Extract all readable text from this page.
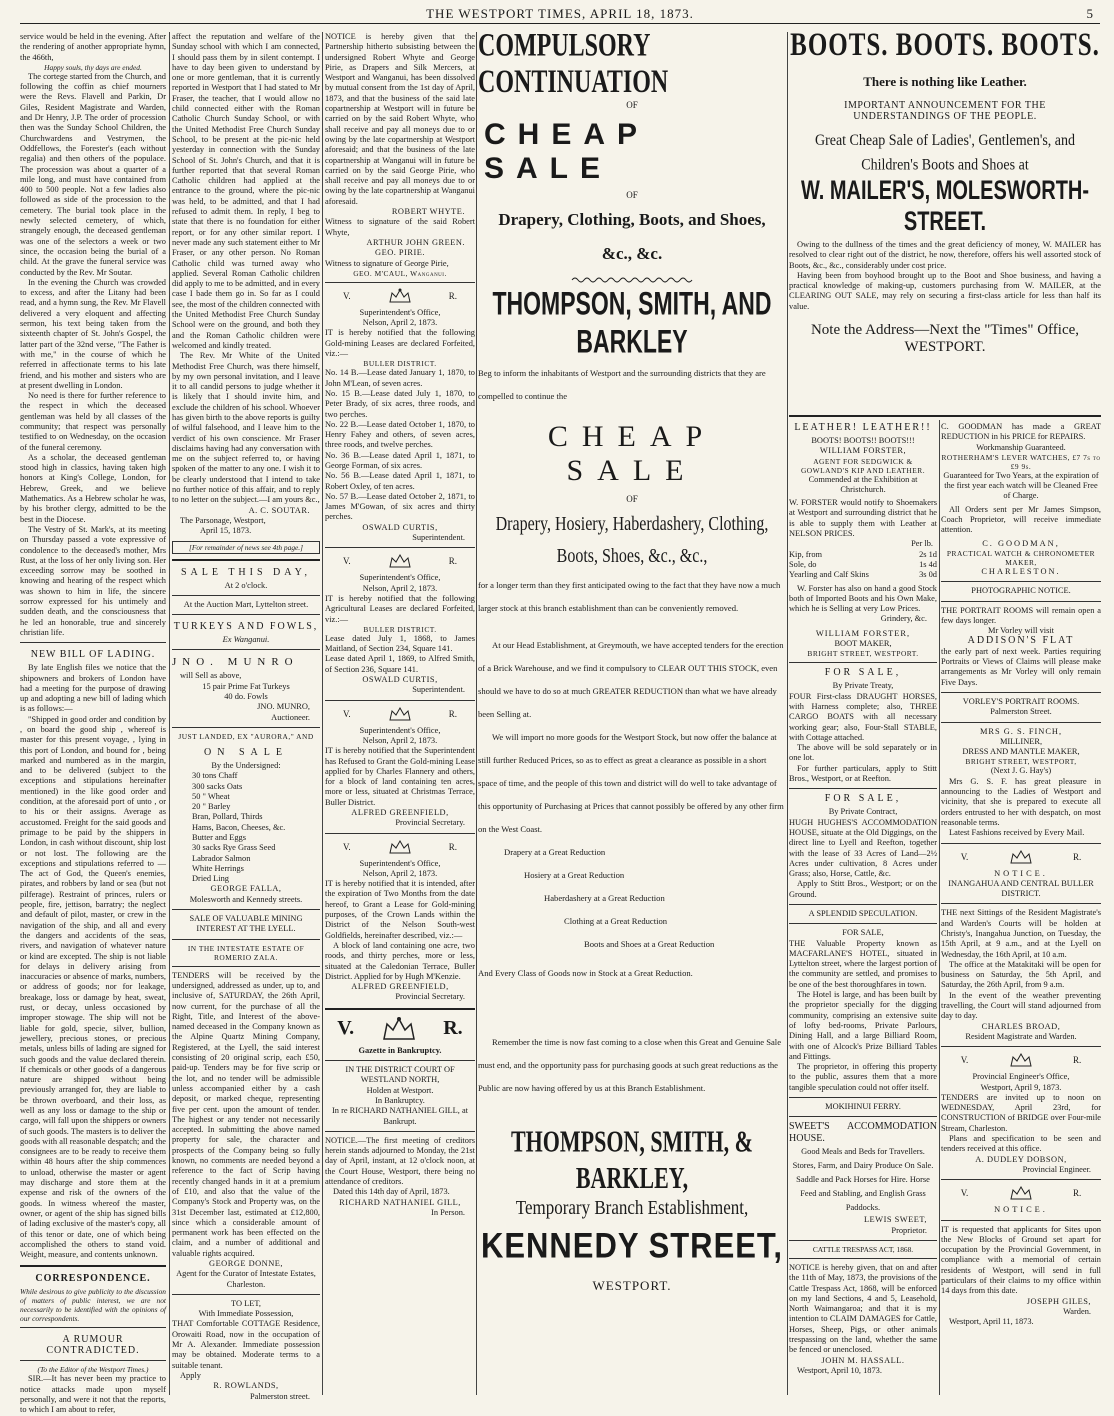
THE WESTPORT TIMES, APRIL 18, 1873.	5

service would be held in the evening. After the rendering of another appropriate hymn, the 466th,

Happy souls, thy days are ended.

The cortege started from the Church, and following the coffin as chief mourners were the Revs. Flavell and Parkin, Dr Giles, Resident Magistrate and Warden, and Dr Henry, J.P. The order of procession then was the Sunday School Children, the Churchwardens and Vestrymen, the Oddfellows, the Forester's (each without regalia) and then others of the populace. The procession was about a quarter of a mile long, and must have contained from 400 to 500 people. Not a few ladies also followed as side of the procession to the cemetery. The burial took place in the newly selected cemetery, of which, strangely enough, the deceased gentleman was one of the selectors a week or two since, the occasion being the burial of a child. At the grave the funeral service was conducted by the Rev. Mr Soutar.

In the evening the Church was crowded to excess, and after the Litany had been read, and a hymn sung, the Rev. Mr Flavell delivered a very eloquent and affecting sermon, his text being taken from the sixteenth chapter of St. John's Gospel, the latter part of the 32nd verse, "The Father is with me," in the course of which he referred in affectionate terms to his late friend, and his mother and sisters who are at present dwelling in London.

No need is there for further reference to the respect in which the deceased gentleman was held by all classes of the community; that respect was personally testified to on Wednesday, on the occasion of the funeral ceremony.

As a scholar, the deceased gentleman stood high in classics, having taken high honors at King's College, London, for Hebrew, Greek, and we believe Mathematics. As a Hebrew scholar he was, by his brother clergy, admitted to be the best in the Diocese.

The Vestry of St. Mark's, at its meeting on Thursday passed a vote expressive of condolence to the deceased's mother, Mrs Rust, at the loss of her only living son. Her exceeding sorrow may be soothed in knowing and hearing of the respect which was shown to him in life, the sincere sorrow expressed for his untimely and sudden death, and the consciousness that he led an honorable, true and sincerely christian life.

NEW BILL OF LADING.

By late English files we notice that the shipowners and brokers of London have had a meeting for the purpose of drawing up and adopting a new bill of lading which is as follows:—

"Shipped in good order and condition by , on board the good ship , whereof is master for this present voyage, , lying in this port of London, and bound for , being marked and numbered as in the margin, and to be delivered (subject to the exceptions and stipulations hereinafter mentioned) in the like good order and condition, at the aforesaid port of unto , or to his or their assigns. Average as accustomed. Freight for the said goods and primage to be paid by the shippers in London, in cash without discount, ship lost or not lost. The following are the exceptions and stipulations referred to —The act of God, the Queen's enemies, pirates, and robbers by land or sea (but not pilferage). Restraint of princes, rulers or people, fire, jettison, barratry; the neglect and default of pilot, master, or crew in the navigation of the ship, and all and every the dangers and accidents of the seas, rivers, and navigation of whatever nature or kind are excepted. The ship is not liable for delays in delivery arising from inaccuracies or absence of marks, numbers, or address of goods; nor for leakage, breakage, loss or damage by heat, sweat, rust, or decay, unless occasioned by improper stowage. The ship will not be liable for gold, specie, silver, bullion, jewellery, precious stones, or precious metals, unless bills of lading are signed for such goods and the value declared therein. If chemicals or other goods of a dangerous nature are shipped without being previously arranged for, they are liable to be thrown overboard, and their loss, as well as any loss or damage to the ship or cargo, will fall upon the shippers or owners of such goods. The masters is to deliver the goods with all reasonable despatch; and the consignees are to be ready to receive them within 48 hours after the ship commences to unload, otherwise the master or agent may discharge and store them at the expense and risk of the owners of the goods. In witness whereof the master, owner, or agent of the ship has signed bills of lading exclusive of the master's copy, all of this tenor or date, one of which being accomplished the others to stand void. Weight, measure, and contents unknown.

CORRESPONDENCE.

While desirous to give publicity to the discussion of matters of public interest, we are not necessarily to be identified with the opinions of our correspondents.

A RUMOUR CONTRADICTED.

(To the Editor of the Westport Times.)

SIR.—It has never been my practice to notice attacks made upon myself personally, and were it not that the reports, to which I am about to refer,

affect the reputation and welfare of the Sunday school with which I am connected, I should pass them by in silent contempt. I have to day been given to understand by one or more gentleman, that it is currently reported in Westport that I had stated to Mr Fraser, the teacher, that I would allow no child connected either with the Roman Catholic Church Sunday School, or with the United Methodist Free Church Sunday School, to be present at the pic-nic held yesterday in connection with the Sunday School of St. John's Church, and that it is further reported that that several Roman Catholic children had applied at the entrance to the ground, where the pic-nic was held, to be admitted, and that I had refused to admit them. In reply, I beg to state that there is no foundation for either report, or for any other similar report. I never made any such statement either to Mr Fraser, or any other person. No Roman Catholic child was turned away who applied. Several Roman Catholic children did apply to me to be admitted, and in every case I bade them go in. So far as I could see, the most of the children connected with the United Methodist Free Church Sunday School were on the ground, and both they and the Roman Catholic children were welcomed and kindly treated.

The Rev. Mr White of the United Methodist Free Church, was there himself, by my own personal invitation, and I leave it to all candid persons to judge whether it is likely that I should invite him, and exclude the children of his school. Whoever has given birth to the above reports is guilty of wilful falsehood, and I leave him to the verdict of his own conscience. Mr Fraser disclaims having had any conversation with me on the subject referred to, or having spoken of the matter to any one. I wish it to be clearly understood that I intend to take no further notice of this affair, and to reply to no letter on the subject.—I am yours &c.,

A. C. SOUTAR.

The Parsonage, Westport,

April 15, 1873.

[For remainder of news see 4th page.]

SALE THIS DAY,

At 2 o'clock.

At the Auction Mart, Lyttelton street.

TURKEYS AND FOWLS,

Ex Wanganui.

JNO. MUNRO

will Sell as above,

15 pair Prime Fat Turkeys

40 do. Fowls

JNO. MUNRO,

Auctioneer.

JUST LANDED, EX "AURORA," AND

ON SALE

By the Undersigned:

30 tons Chaff

300 sacks Oats

50 " Wheat

20 " Barley

Bran, Pollard, Thirds

Hams, Bacon, Cheeses, &c.

Butter and Eggs

30 sacks Rye Grass Seed

Labrador Salmon

White Herrings

Dried Ling

GEORGE FALLA,

Molesworth and Kennedy streets.

SALE OF VALUABLE MINING INTEREST AT THE LYELL.

IN THE INTESTATE ESTATE OF ROMERIO ZALA.

TENDERS will be received by the undersigned, addressed as under, up to, and inclusive of, SATURDAY, the 26th April, now current, for the purchase of all the Right, Title, and Interest of the above-named deceased in the Company known as the Alpine Quartz Mining Company, Registered, at the Lyell, the said interest consisting of 20 original scrip, each £50, paid-up. Tenders may be for five scrip or the lot, and no tender will be admissible unless accompanied either by a cash deposit, or marked cheque, representing five per cent. upon the amount of tender. The highest or any tender not necessarily accepted. In submitting the above named property for sale, the character and prospects of the Company being so fully known, no comments are needed beyond a reference to the fact of Scrip having recently changed hands in it at a premium of £10, and also that the value of the Company's Stock and Property was, on the 31st December last, estimated at £12,800, since which a considerable amount of permanent work has been effected on the claim, and a number of additional and valuable rights acquired.

GEORGE DONNE,

Agent for the Curator of Intestate Estates, Charleston.

TO LET,

With Immediate Possession,

THAT Comfortable COTTAGE Residence, Orowaiti Road, now in the occupation of Mr A. Alexander. Immediate possession may be obtained. Moderate terms to a suitable tenant.

Apply

R. ROWLANDS,

Palmerston street.

NOTICE is hereby given that the Partnership hitherto subsisting between the undersigned Robert Whyte and George Pirie, as Drapers and Silk Mercers, at Westport and Wanganui, has been dissolved by mutual consent from the 1st day of April, 1873, and that the business of the said late copartnership at Westport will in future be carried on by the said Robert Whyte, who shall receive and pay all moneys due to or owing by the late copartnership at Westport aforesaid; and that the business of the late copartnership at Wanganui will in future be carried on by the said George Pirie, who shall receive and pay all moneys due to or owing by the late copartnership at Wanganui aforesaid.

ROBERT WHYTE.

Witness to signature of the said Robert Whyte,

ARTHUR JOHN GREEN.

GEO. PIRIE.

Witness to signature of George Pirie,

GEO. M'CAUL, Wanganui.

V.	R.

Superintendent's Office,

Nelson, April 2, 1873.

IT is hereby notified that the following Gold-mining Leases are declared Forfeited, viz.:—

BULLER DISTRICT.

No. 14 B.—Lease dated January 1, 1870, to John M'Lean, of seven acres.

No. 15 B.—Lease dated July 1, 1870, to Peter Brady, of six acres, three roods, and two perches.

No. 22 B.—Lease dated October 1, 1870, to Henry Fahey and others, of seven acres, three roods, and twelve perches.

No. 36 B.—Lease dated April 1, 1871, to George Forman, of six acres.

No. 56 B.—Lease dated April 1, 1871, to Robert Oxley, of ten acres.

No. 57 B.—Lease dated October 2, 1871, to James M'Gowan, of six acres and thirty perches.

OSWALD CURTIS,

Superintendent.

V.	R.

Superintendent's Office,

Nelson, April 2, 1873.

IT is hereby notified that the following Agricultural Leases are declared Forfeited, viz.:—

BULLER DISTRICT.

Lease dated July 1, 1868, to James Maitland, of Section 234, Square 141.

Lease dated April 1, 1869, to Alfred Smith, of Section 236, Square 141.

OSWALD CURTIS,

Superintendent.

V.	R.

Superintendent's Office,

Nelson, April 2, 1873.

IT is hereby notified that the Superintendent has Refused to Grant the Gold-mining Lease applied for by Charles Flannery and others, for a block of land containing ten acres, more or less, situated at Christmas Terrace, Buller District.

ALFRED GREENFIELD,

Provincial Secretary.

V.	R.

Superintendent's Office,

Nelson, April 2, 1873.

IT is hereby notified that it is intended, after the expiration of Two Months from the date hereof, to Grant a Lease for Gold-mining purposes, of the Crown Lands within the District of the Nelson South-west Goldfields, hereinafter described, viz.:—

A block of land containing one acre, two roods, and thirty perches, more or less, situated at the Caledonian Terrace, Buller District. Applied for by Hugh M'Kenzie.

ALFRED GREENFIELD,

Provincial Secretary.

V.	R.

Gazette in Bankruptcy.

IN THE DISTRICT COURT OF WESTLAND NORTH,

Holden at Westport.

In Bankruptcy.

In re RICHARD NATHANIEL GILL, at Bankrupt.

NOTICE.—The first meeting of creditors herein stands adjourned to Monday, the 21st day of April, instant, at 12 o'clock noon, at the Court House, Westport, there being no attendance of creditors.

Dated this 14th day of April, 1873.

RICHARD NATHANIEL GILL,

In Person.

COMPULSORY CONTINUATION
OF
CHEAP SALE
OF
Drapery, Clothing, Boots, and Shoes,
&c., &c.
THOMPSON, SMITH, AND BARKLEY

Beg to inform the inhabitants of Westport and the surrounding districts that they are compelled to continue the

CHEAP SALE
OF
Drapery, Hosiery, Haberdashery, Clothing,
Boots, Shoes, &c., &c.,

for a longer term than they first anticipated owing to the fact that they have now a much larger stock at this branch establishment than can be conveniently removed.

At our Head Establishment, at Greymouth, we have accepted tenders for the erection of a Brick Warehouse, and we find it compulsory to CLEAR OUT THIS STOCK, even should we have to do so at much GREATER REDUCTION than what we have already been Selling at.

We will import no more goods for the Westport Stock, but now offer the balance at still further Reduced Prices, so as to effect as great a clearance as possible in a short space of time, and the people of this town and district will do well to take advantage of this opportunity of Purchasing at Prices that cannot possibly be offered by any other firm on the West Coast.

Drapery at a Great Reduction

Hosiery at a Great Reduction

Haberdashery at a Great Reduction

Clothing at a Great Reduction

Boots and Shoes at a Great Reduction

And Every Class of Goods now in Stock at a Great Reduction.

Remember the time is now fast coming to a close when this Great and Genuine Sale must end, and the opportunity pass for purchasing goods at such great reductions as the Public are now having offered by us at this Branch Establishment.

THOMPSON, SMITH, & BARKLEY,
Temporary Branch Establishment,
KENNEDY STREET,
WESTPORT.
BOOTS. BOOTS. BOOTS.
There is nothing like Leather.
IMPORTANT ANNOUNCEMENT FOR THE UNDERSTANDINGS OF THE PEOPLE.
Great Cheap Sale of Ladies', Gentlemen's, and Children's Boots and Shoes at
W. MAILER'S, MOLESWORTH-STREET.

Owing to the dullness of the times and the great deficiency of money, W. MAILER has resolved to clear right out of the district, he now, therefore, offers his well assorted stock of Boots, &c., &c., considerably under cost price.

Having been from boyhood brought up to the Boot and Shoe business, and having a practical knowledge of making-up, customers purchasing from W. MAILER, at the CLEARING OUT SALE, may rely on securing a first-class article for less than half its value.

Note the Address—Next the "Times" Office, WESTPORT.
LEATHER! LEATHER!!

BOOTS! BOOTS!! BOOTS!!!

WILLIAM FORSTER,

AGENT FOR SEDGWICK & GOWLAND'S KIP AND LEATHER.

Commended at the Exhibition at Christchurch.

W. FORSTER would notify to Shoemakers at Westport and surrounding district that he is able to supply them with Leather at NELSON PRICES.

Per lb.

Kip, from	2s 1d
Sole, do	1s 4d
Yearling and Calf Skins	3s 0d

W. Forster has also on hand a good Stock both of Imported Boots and his Own Make, which he is Selling at very Low Prices.

Grindery, &c.

WILLIAM FORSTER,

BOOT MAKER,

BRIGHT STREET, WESTPORT.

FOR SALE,

By Private Treaty,

FOUR First-class DRAUGHT HORSES, with Harness complete; also, THREE CARGO BOATS with all necessary working gear; also, Four-Stall STABLE, with Cottage attached.

The above will be sold separately or in one lot.

For further particulars, apply to Stitt Bros., Westport, or at Reefton.

FOR SALE,

By Private Contract,

HUGH HUGHES'S ACCOMMODATION HOUSE, situate at the Old Diggings, on the direct line to Lyell and Reefton, together with the lease of 33 Acres of Land—2½ Acres under cultivation, 8 Acres under Grass; also, Horse, Cattle, &c.

Apply to Stitt Bros., Westport; or on the Ground.

A SPLENDID SPECULATION.

FOR SALE,

THE Valuable Property known as MACFARLANE'S HOTEL, situated in Lyttelton street, where the largest portion of the community are settled, and promises to be one of the best thoroughfares in town.

The Hotel is large, and has been built by the proprietor specially for the digging community, comprising an extensive suite of lofty bed-rooms, Private Parlours, Dining Hall, and a large Billiard Room, with one of Alcock's Prize Billiard Tables and Fittings.

The proprietor, in offering this property to the public, assures them that a more tangible speculation could not offer itself.

MOKIHINUI FERRY.

SWEET'S ACCOMMODATION HOUSE.

Good Meals and Beds for Travellers. Stores, Farm, and Dairy Produce On Sale. Saddle and Pack Horses for Hire. Horse Feed and Stabling, and English Grass Paddocks.

LEWIS SWEET,

Proprietor.

CATTLE TRESPASS ACT, 1868.

NOTICE is hereby given, that on and after the 11th of May, 1873, the provisions of the Cattle Trespass Act, 1868, will be enforced on my land Sections, 4 and 5, Leasehold, North Waimangaroa; and that it is my intention to CLAIM DAMAGES for Cattle, Horses, Sheep, Pigs, or other animals trespassing on the land, whether the same be fenced or unenclosed.

JOHN M. HASSALL.

Westport, April 10, 1873.

C. GOODMAN has made a GREAT REDUCTION in his PRICE for REPAIRS.

Workmanship Guaranteed.

ROTHERHAM'S LEVER WATCHES, £7 7s to £9 9s.

Guaranteed for Two Years, at the expiration of the first year each watch will be Cleaned Free of Charge.

All Orders sent per Mr James Simpson, Coach Proprietor, will receive immediate attention.

C. GOODMAN,

PRACTICAL WATCH & CHRONOMETER MAKER,

CHARLESTON.

PHOTOGRAPHIC NOTICE.

THE PORTRAIT ROOMS will remain open a few days longer.

Mr Vorley will visit

ADDISON'S FLAT

the early part of next week. Parties requiring Portraits or Views of Claims will please make arrangements as Mr Vorley will only remain Five Days.

VORLEY'S PORTRAIT ROOMS.

Palmerston Street.

MRS G. S. FINCH,

MILLINER,

DRESS AND MANTLE MAKER,

BRIGHT STREET, WESTPORT,

(Next J. G. Hay's)

Mrs G. S. F. has great pleasure in announcing to the Ladies of Westport and vicinity, that she is prepared to execute all orders entrusted to her with despatch, on most reasonable terms.

Latest Fashions received by Every Mail.

V.	R.

NOTICE.

INANGAHUA AND CENTRAL BULLER DISTRICT.

THE next Sittings of the Resident Magistrate's and Warden's Courts will be holden at Christy's, Inangahua Junction, on Tuesday, the 15th April, at 9 a.m., and at the Lyell on Wednesday, the 16th April, at 10 a.m.

The office at the Matakitaki will be open for business on Saturday, the 5th April, and Saturday, the 26th April, from 9 a.m.

In the event of the weather preventing travelling, the Court will stand adjourned from day to day.

CHARLES BROAD,

Resident Magistrate and Warden.

V.	R.

Provincial Engineer's Office,

Westport, April 9, 1873.

TENDERS are invited up to noon on WEDNESDAY, April 23rd, for CONSTRUCTION of BRIDGE over Four-mile Stream, Charleston.

Plans and specification to be seen and tenders received at this office.

A. DUDLEY DOBSON,

Provincial Engineer.

V.	R.

NOTICE.

IT is requested that applicants for Sites upon the New Blocks of Ground set apart for occupation by the Provincial Government, in compliance with a memorial of certain residents of Westport, will send in full particulars of their claims to my office within 14 days from this date.

JOSEPH GILES,

Warden.

Westport, April 11, 1873.
